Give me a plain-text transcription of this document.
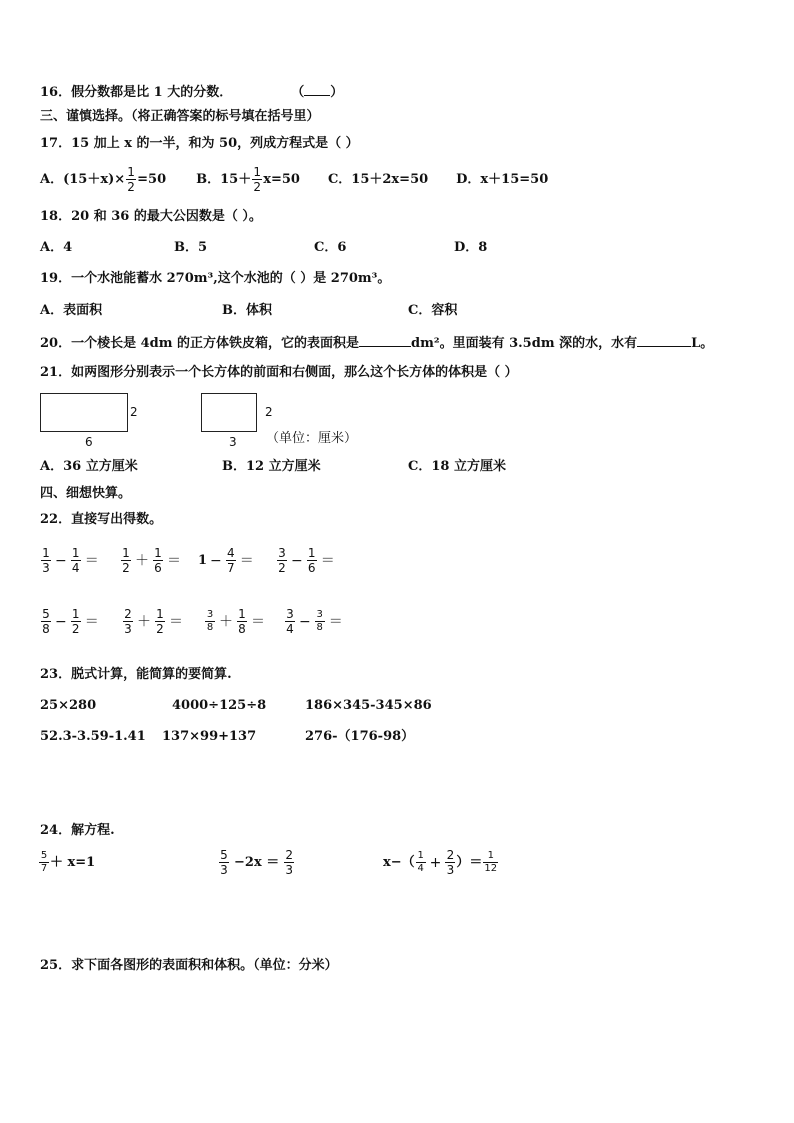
16．假分数都是比 1 大的分数．	（ ）
三、谨慎选择。（将正确答案的标号填在括号里）
17．15 加上 x 的一半，和为 50，列成方程式是（ ）
A．$(15+x)\times \frac{1}{2} =50$ B．$15+ \frac{1}{2} x=50$ C．15＋2x=50 D．x＋15=50
18．20 和 36 的最大公因数是（ ）。
A．4	B．5	C．6	D．8
19．一个水池能蓄水 270m³,这个水池的（ ）是 270m³。
A．表面积	B．体积	C．容积
20．一个棱长是 4dm 的正方体铁皮箱，它的表面积是	dm²。里面装有 3.5dm 深的水，水有	L。
21．如两图形分别表示一个长方体的前面和右侧面，那么这个长方体的体积是（ ）
2
6
2
3 （单位：厘米）
A．36 立方厘米	B．12 立方厘米	C．18 立方厘米
四、细想快算。
22．直接写出得数。
$\frac{1}{3} - \frac{1}{4} = \frac{1}{2} + \frac{1}{6} = 1 - \frac{4}{7} = \frac{3}{2} - \frac{1}{6}$ ＝
$\frac{5}{8} - \frac{1}{2} = \frac{2}{3} + \frac{1}{2} = \frac{3}{8} + \frac{1}{8} = \frac{3}{4} - \frac{3}{8}$ ＝
23．脱式计算，能简算的要简算.
25×280	4000÷125÷8	186×345-345×86
52.3-3.59-1.41 137×99+137	276-（176-98）
24．解方程.
$\frac{5}{7} + x=1$	$\frac{5}{3} -2x = \frac{2}{3}$	$x-( \frac{1}{4} + \frac{2}{3}$ ）＝ $\frac{1}{12}$
25．求下面各图形的表面积和体积。（单位：分米）
